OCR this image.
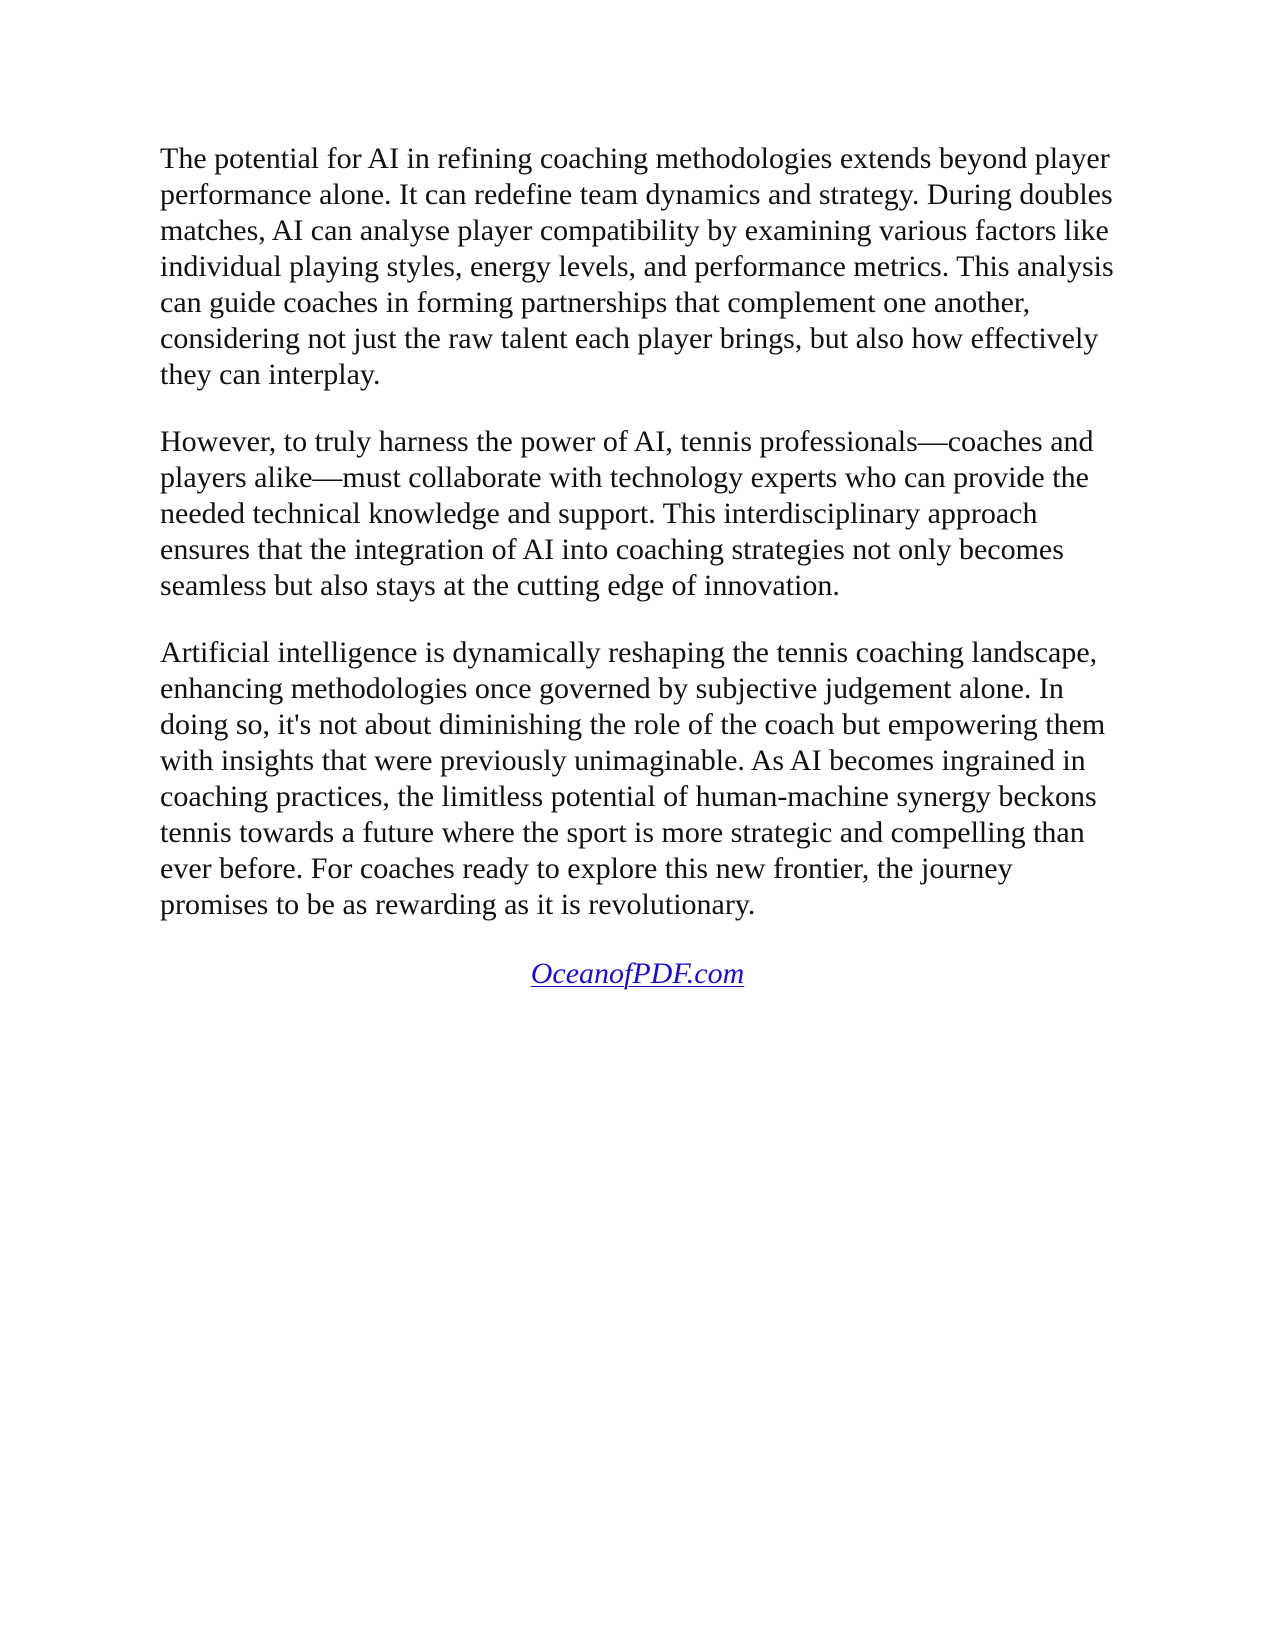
The potential for AI in refining coaching methodologies extends beyond player performance alone. It can redefine team dynamics and strategy. During doubles matches, AI can analyse player compatibility by examining various factors like individual playing styles, energy levels, and performance metrics. This analysis can guide coaches in forming partnerships that complement one another, considering not just the raw talent each player brings, but also how effectively they can interplay.

However, to truly harness the power of AI, tennis professionals—coaches and players alike—must collaborate with technology experts who can provide the needed technical knowledge and support. This interdisciplinary approach ensures that the integration of AI into coaching strategies not only becomes seamless but also stays at the cutting edge of innovation.

Artificial intelligence is dynamically reshaping the tennis coaching landscape, enhancing methodologies once governed by subjective judgement alone. In doing so, it's not about diminishing the role of the coach but empowering them with insights that were previously unimaginable. As AI becomes ingrained in coaching practices, the limitless potential of human-machine synergy beckons tennis towards a future where the sport is more strategic and compelling than ever before. For coaches ready to explore this new frontier, the journey promises to be as rewarding as it is revolutionary.

OceanofPDF.com
